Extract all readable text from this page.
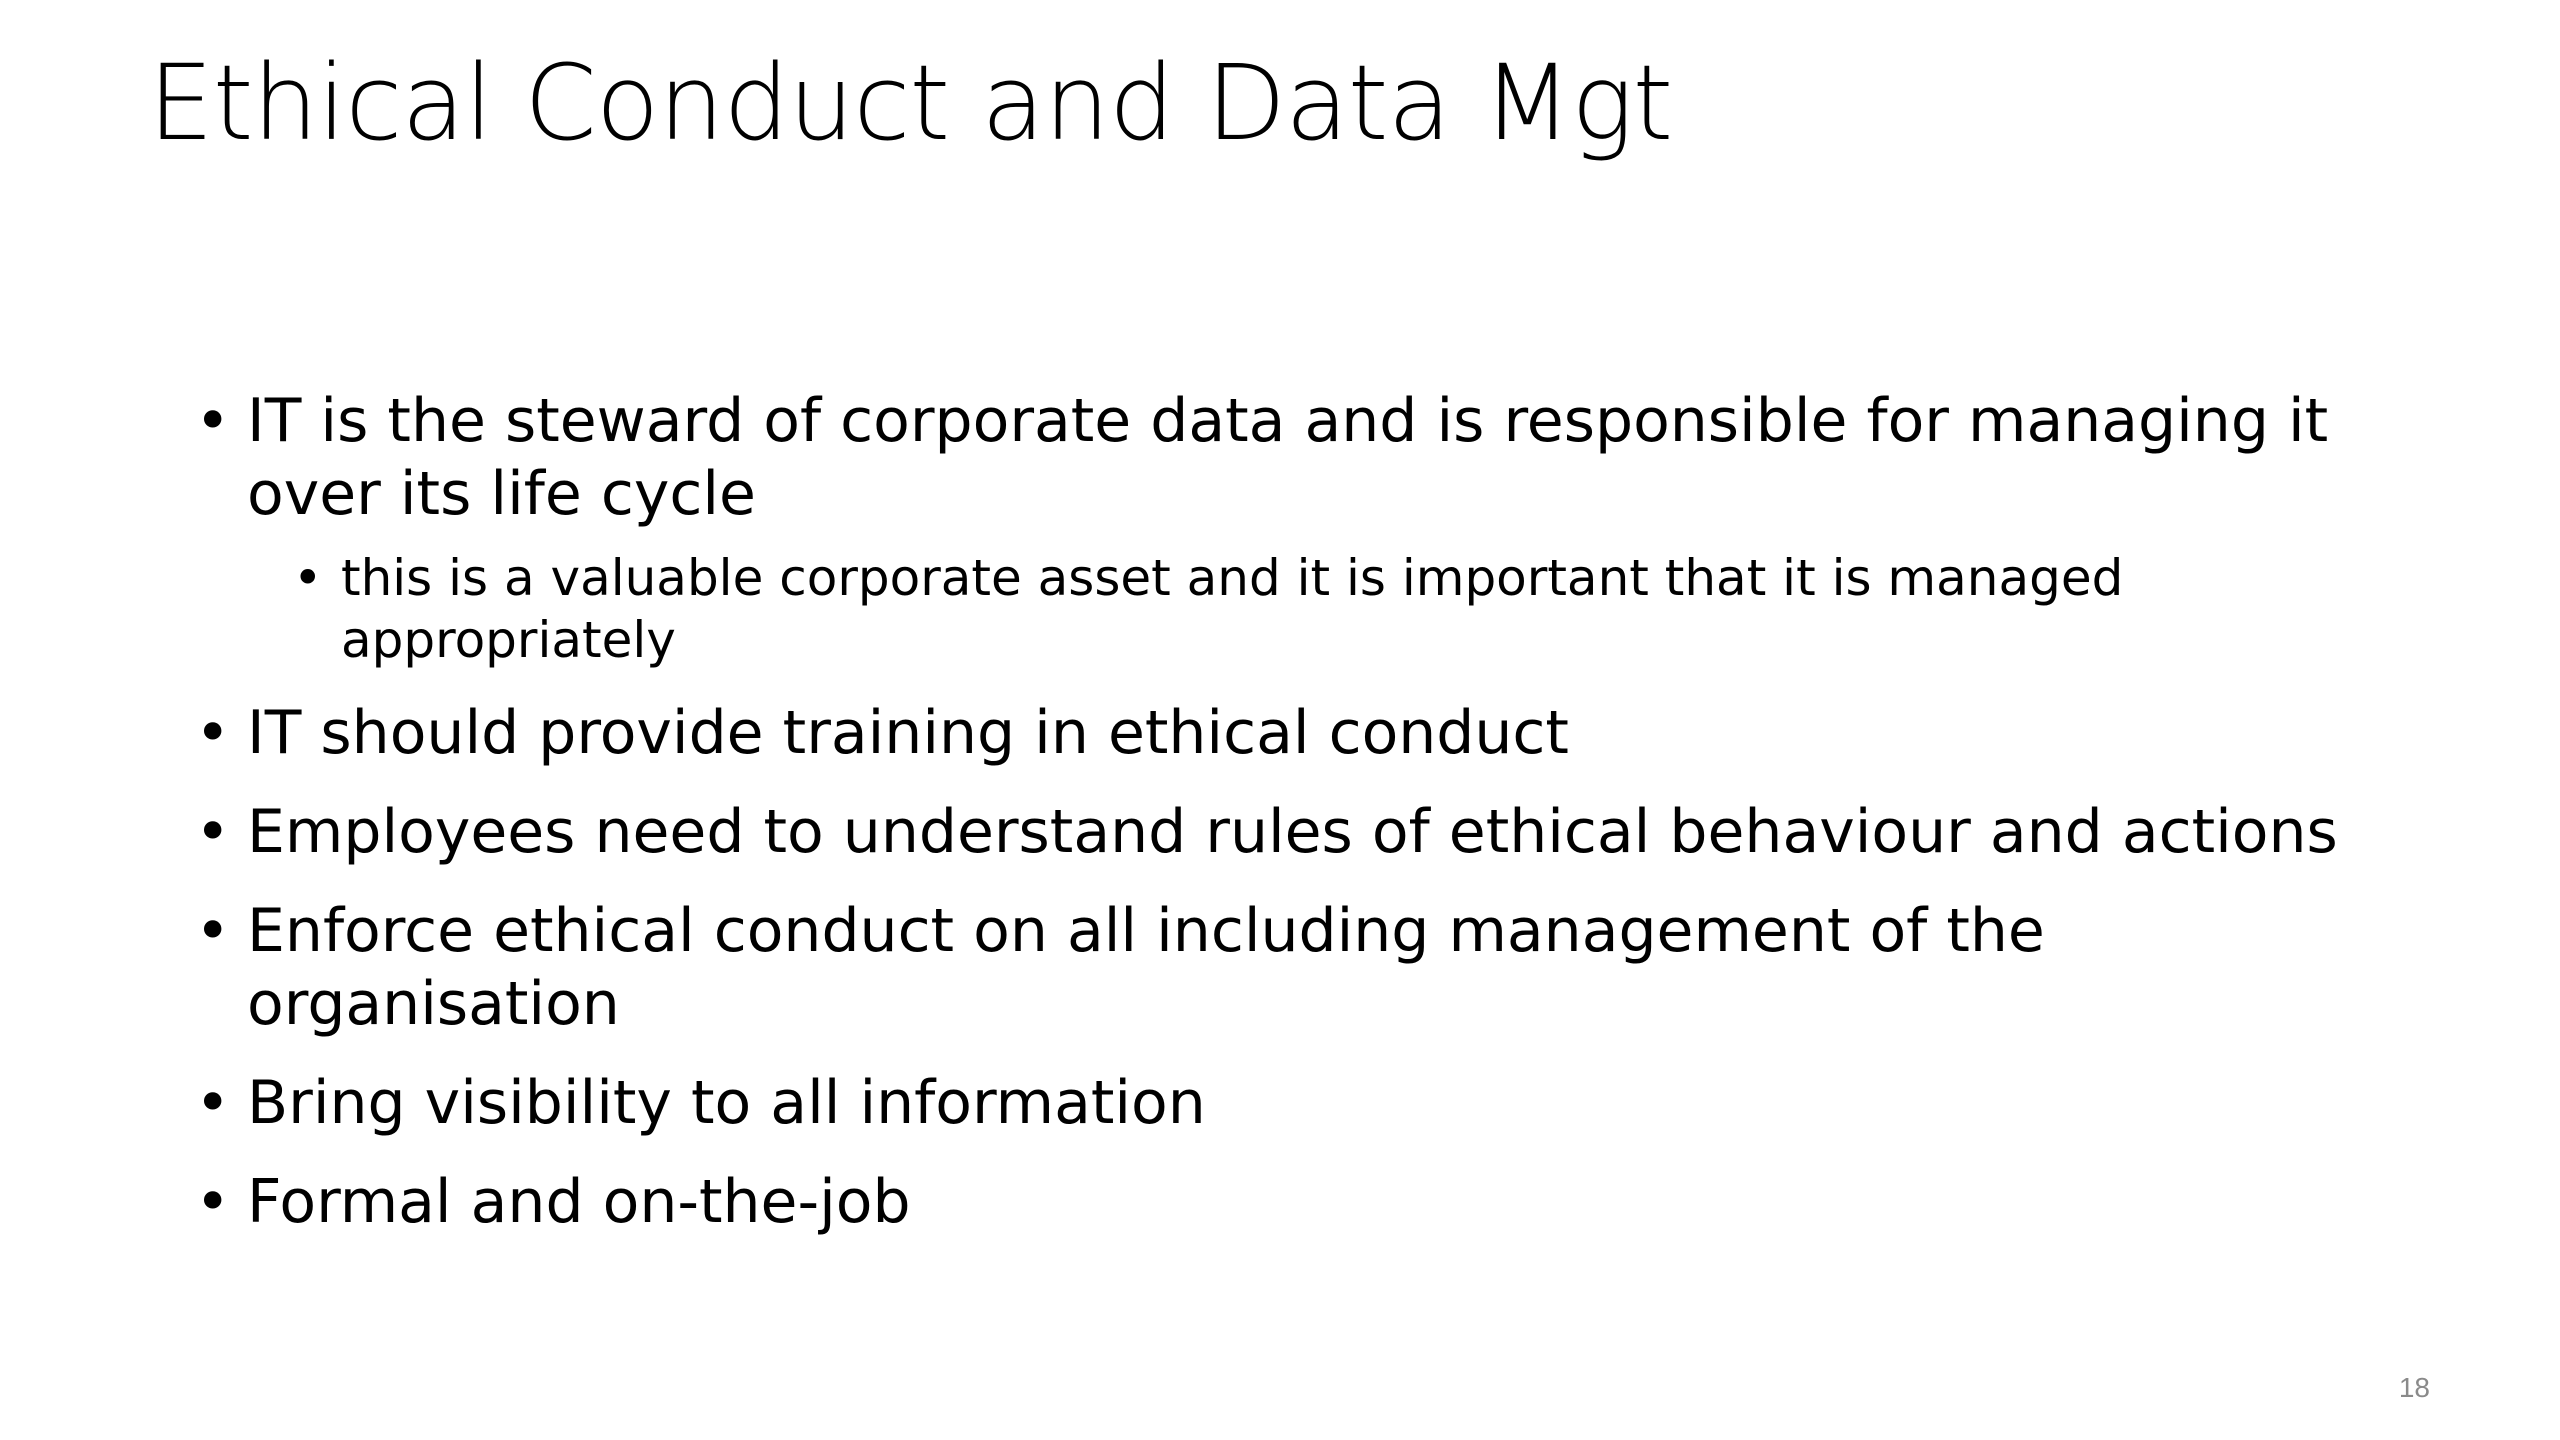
Ethical Conduct and Data Mgt
• IT is the steward of corporate data and is responsible for managing it over its life cycle
• this is a valuable corporate asset and it is important that it is managed appropriately
• IT should provide training in ethical conduct
• Employees need to understand rules of ethical behaviour and actions
• Enforce ethical conduct on all including management of the organisation
• Bring visibility to all information
• Formal and on-the-job
18
